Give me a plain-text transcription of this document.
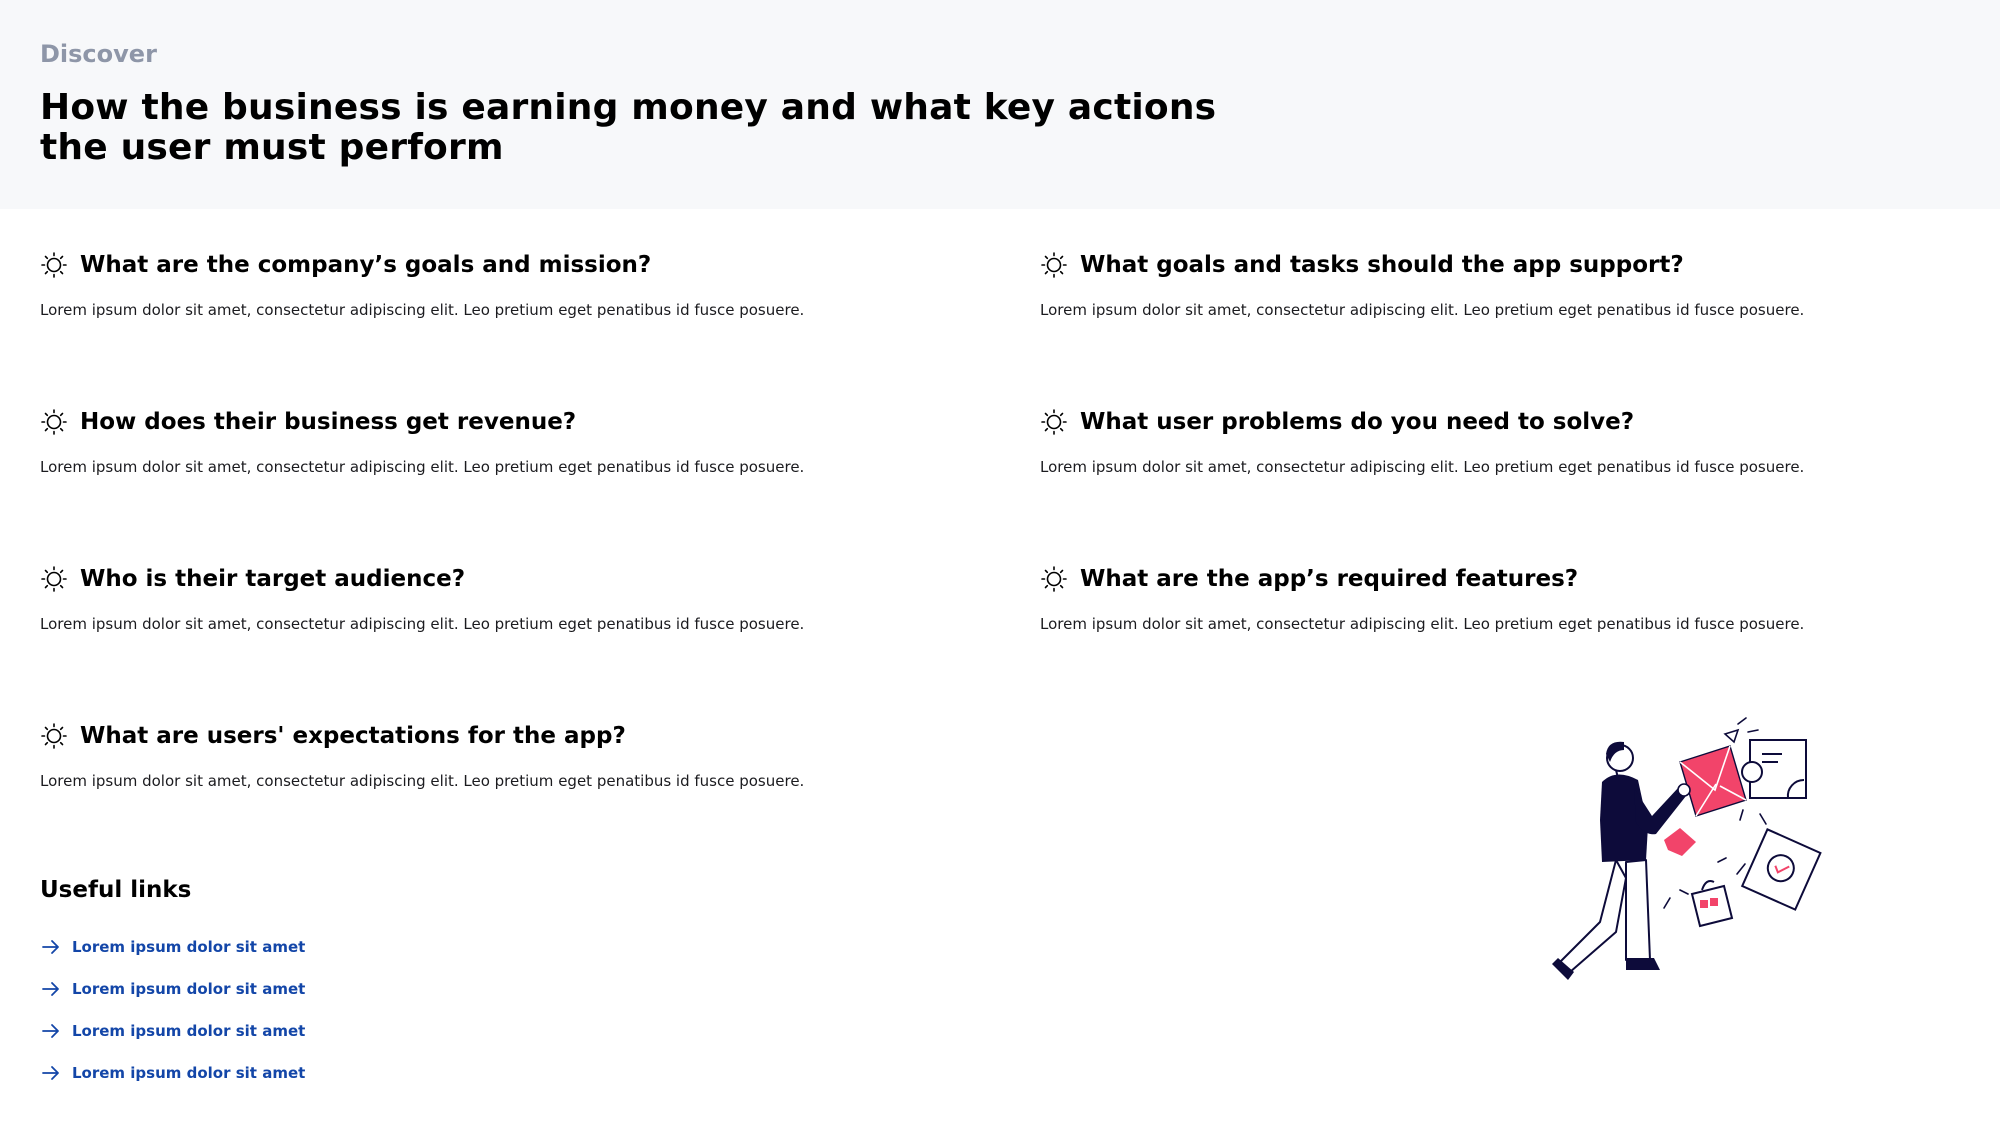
Discover
How the business is earning money and what key actions the user must perform
What are the company’s goals and mission?
Lorem ipsum dolor sit amet, consectetur adipiscing elit. Leo pretium eget penatibus id fusce posuere.
How does their business get revenue?
Lorem ipsum dolor sit amet, consectetur adipiscing elit. Leo pretium eget penatibus id fusce posuere.
Who is their target audience?
Lorem ipsum dolor sit amet, consectetur adipiscing elit. Leo pretium eget penatibus id fusce posuere.
What are users' expectations for the app?
Lorem ipsum dolor sit amet, consectetur adipiscing elit. Leo pretium eget penatibus id fusce posuere.
What goals and tasks should the app support?
Lorem ipsum dolor sit amet, consectetur adipiscing elit. Leo pretium eget penatibus id fusce posuere.
What user problems do you need to solve?
Lorem ipsum dolor sit amet, consectetur adipiscing elit. Leo pretium eget penatibus id fusce posuere.
What are the app’s required features?
Lorem ipsum dolor sit amet, consectetur adipiscing elit. Leo pretium eget penatibus id fusce posuere.
Useful links
Lorem ipsum dolor sit amet
Lorem ipsum dolor sit amet
Lorem ipsum dolor sit amet
Lorem ipsum dolor sit amet
